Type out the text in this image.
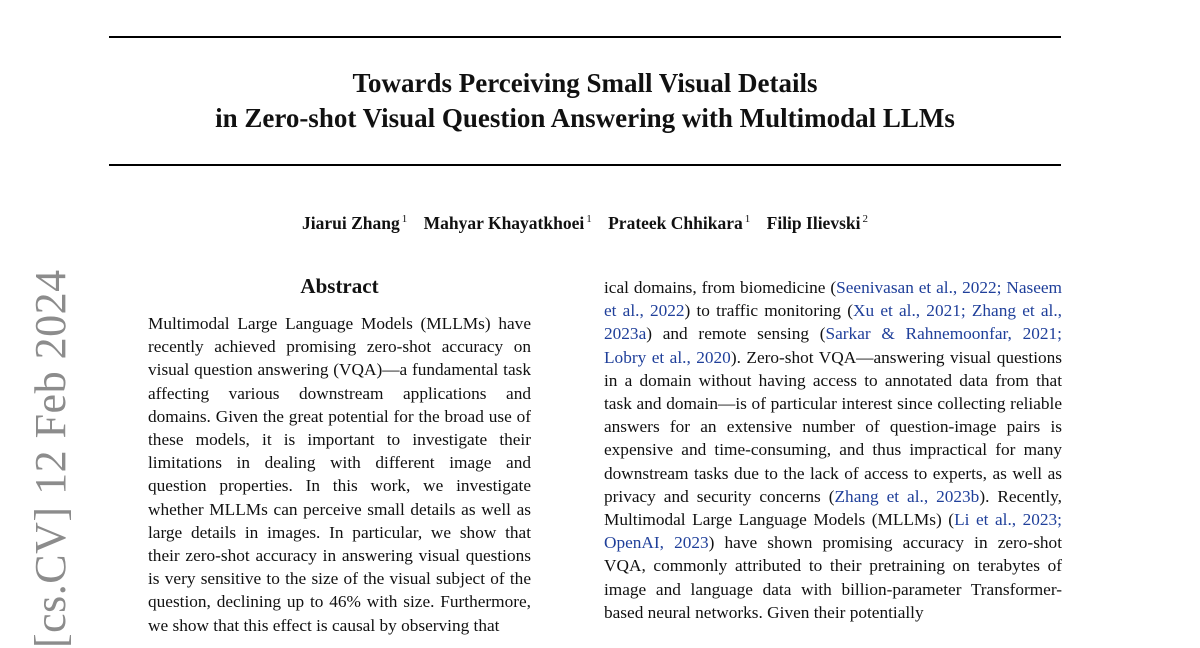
Towards Perceiving Small Visual Details
in Zero-shot Visual Question Answering with Multimodal LLMs
Jiarui Zhang $^1$ Mahyar Khayatkhoei $^1$ Prateek Chhikara $^1$ Filip Ilievski $^2$
Abstract
Multimodal Large Language Models (MLLMs) have recently achieved promising zero-shot accuracy on visual question answering (VQA)—a fundamental task affecting various downstream applications and domains. Given the great potential for the broad use of these models, it is important to investigate their limitations in dealing with different image and question properties. In this work, we investigate whether MLLMs can perceive small details as well as large details in images. In particular, we show that their zero-shot accuracy in answering visual questions is very sensitive to the size of the visual subject of the question, declining up to 46% with size. Furthermore, we show that this effect is causal by observing that
ical domains, from biomedicine (Seenivasan et al., 2022; Naseem et al., 2022) to traffic monitoring (Xu et al., 2021; Zhang et al., 2023a) and remote sensing (Sarkar & Rahnemoonfar, 2021; Lobry et al., 2020). Zero-shot VQA—answering visual questions in a domain without having access to annotated data from that task and domain—is of particular interest since collecting reliable answers for an extensive number of question-image pairs is expensive and time-consuming, and thus impractical for many downstream tasks due to the lack of access to experts, as well as privacy and security concerns (Zhang et al., 2023b). Recently, Multimodal Large Language Models (MLLMs) (Li et al., 2023; OpenAI, 2023) have shown promising accuracy in zero-shot VQA, commonly attributed to their pretraining on terabytes of image and language data with billion-parameter Transformer-based neural networks. Given their potentially
[cs.CV] 12 Feb 2024
